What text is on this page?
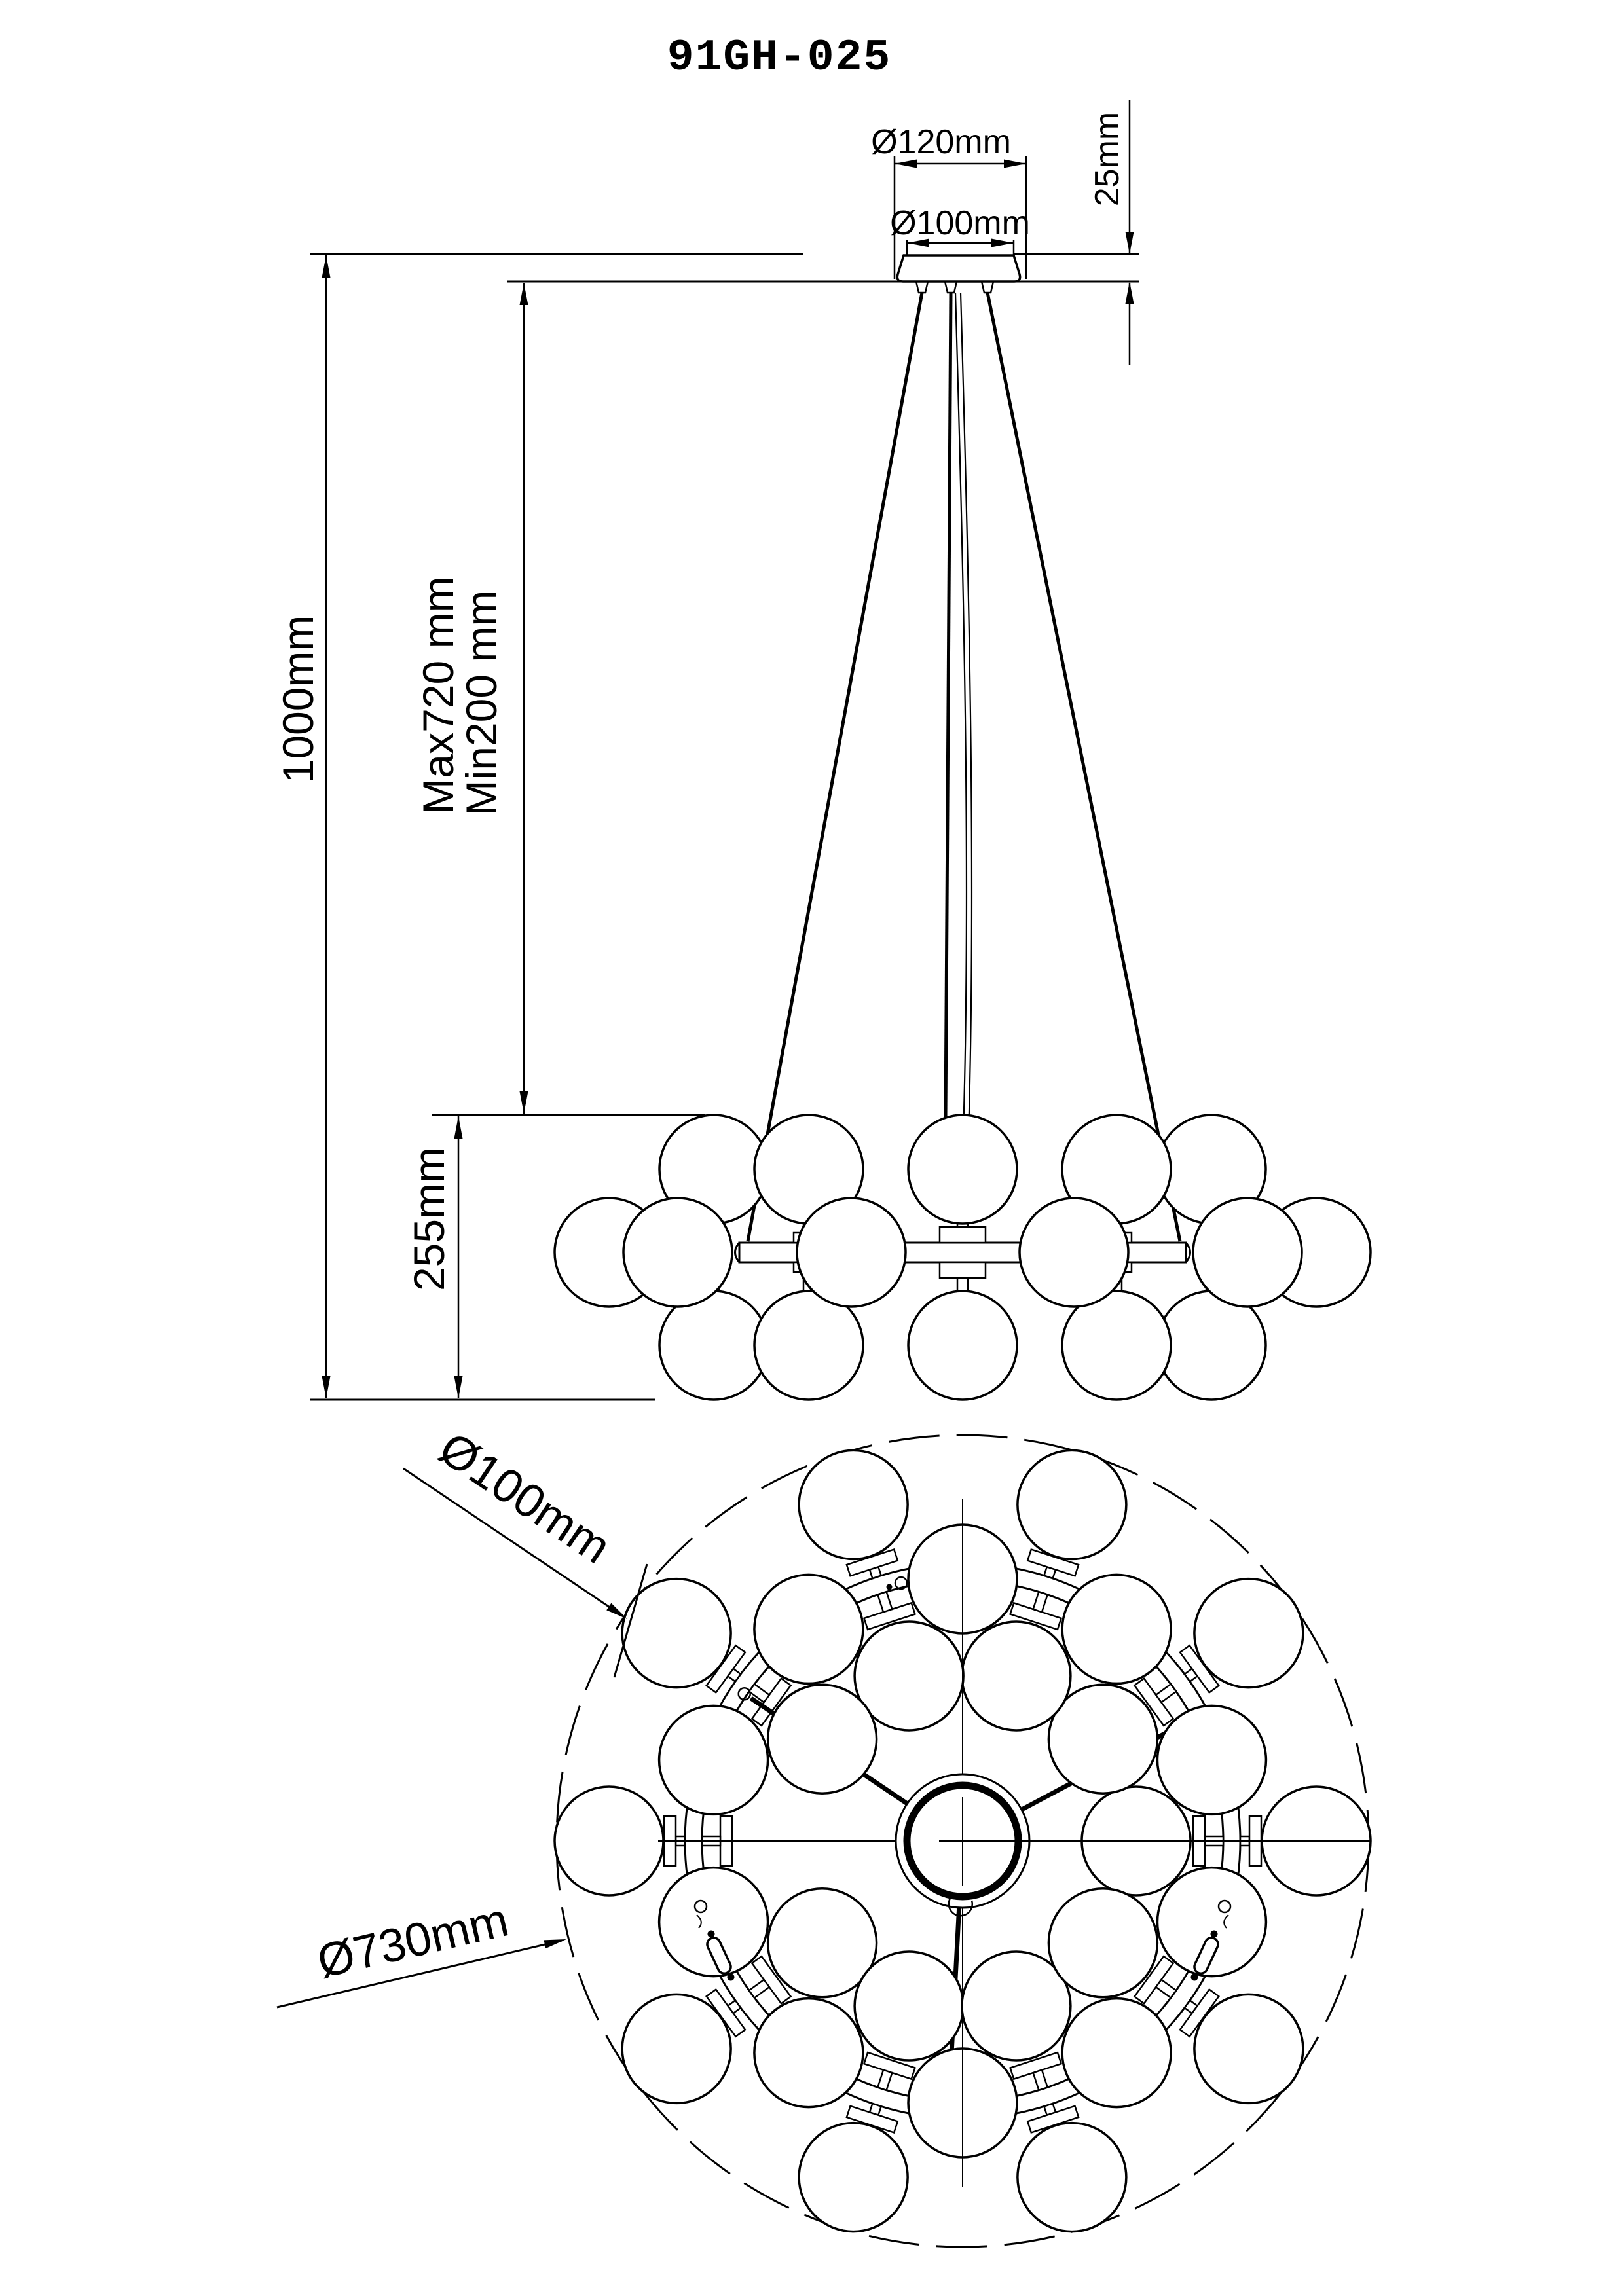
91GH-025
Ø120mm
Ø100mm
25mm
1000mm Max720 mm
Min200 mm
255mm
Ø100mm
Ø730mm
